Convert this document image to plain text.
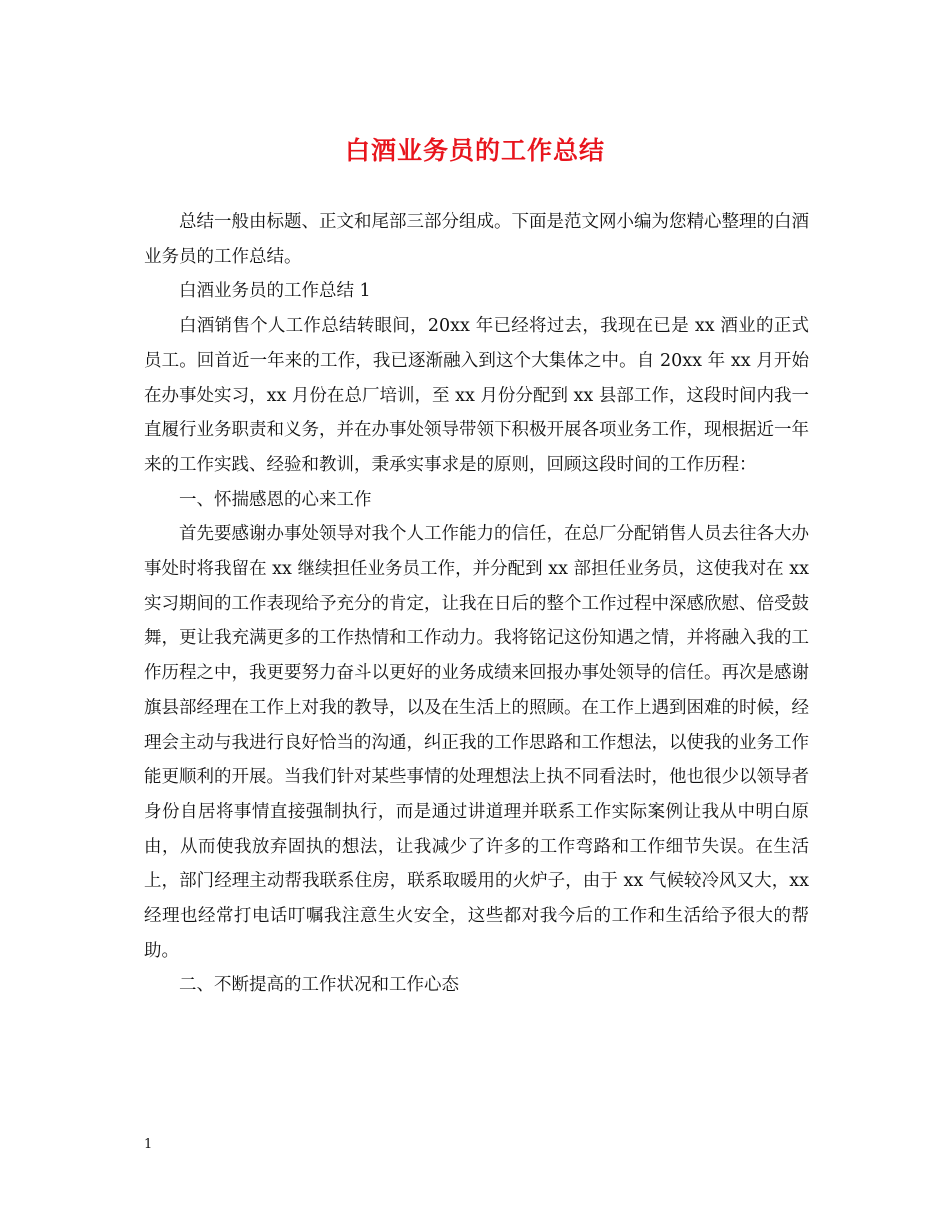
白酒业务员的工作总结

总结一般由标题、正文和尾部三部分组成。下面是范文网小编为您精心整理的白酒业务员的工作总结。

白酒业务员的工作总结 1

白酒销售个人工作总结转眼间，20xx 年已经将过去，我现在已是 xx 酒业的正式员工。回首近一年来的工作，我已逐渐融入到这个大集体之中。自 20xx 年 xx 月开始在办事处实习，xx 月份在总厂培训，至 xx 月份分配到 xx 县部工作，这段时间内我一直履行业务职责和义务，并在办事处领导带领下积极开展各项业务工作，现根据近一年来的工作实践、经验和教训，秉承实事求是的原则，回顾这段时间的工作历程：

一、怀揣感恩的心来工作

首先要感谢办事处领导对我个人工作能力的信任，在总厂分配销售人员去往各大办事处时将我留在 xx 继续担任业务员工作，并分配到 xx 部担任业务员，这使我对在 xx 实习期间的工作表现给予充分的肯定，让我在日后的整个工作过程中深感欣慰、倍受鼓舞，更让我充满更多的工作热情和工作动力。我将铭记这份知遇之情，并将融入我的工作历程之中，我更要努力奋斗以更好的业务成绩来回报办事处领导的信任。再次是感谢旗县部经理在工作上对我的教导，以及在生活上的照顾。在工作上遇到困难的时候，经理会主动与我进行良好恰当的沟通，纠正我的工作思路和工作想法，以使我的业务工作能更顺利的开展。当我们针对某些事情的处理想法上执不同看法时，他也很少以领导者身份自居将事情直接强制执行，而是通过讲道理并联系工作实际案例让我从中明白原由，从而使我放弃固执的想法，让我减少了许多的工作弯路和工作细节失误。在生活上，部门经理主动帮我联系住房，联系取暖用的火炉子，由于 xx 气候较冷风又大，xx 经理也经常打电话叮嘱我注意生火安全，这些都对我今后的工作和生活给予很大的帮助。

二、不断提高的工作状况和工作心态

1
